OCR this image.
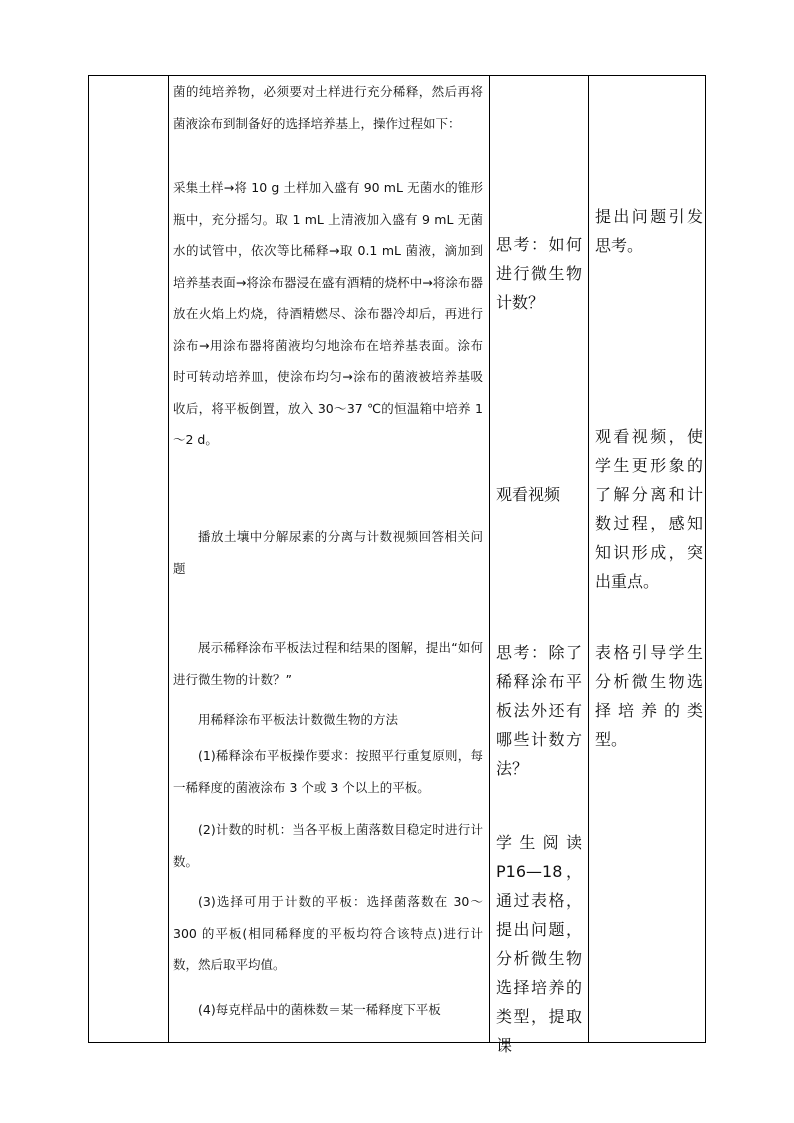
菌的纯培养物，必须要对土样进行充分稀释，然后再将菌液涂布到制备好的选择培养基上，操作过程如下：

采集土样→将 10 g 土样加入盛有 90 mL 无菌水的锥形瓶中，充分摇匀。取 1 mL 上清液加入盛有 9 mL 无菌水的试管中，依次等比稀释→取 0.1 mL 菌液，滴加到培养基表面→将涂布器浸在盛有酒精的烧杯中→将涂布器放在火焰上灼烧，待酒精燃尽、涂布器冷却后，再进行涂布→用涂布器将菌液均匀地涂布在培养基表面。涂布时可转动培养皿，使涂布均匀→涂布的菌液被培养基吸收后，将平板倒置，放入 30～37 ℃的恒温箱中培养 1～2 d。

播放土壤中分解尿素的分离与计数视频回答相关问题

展示稀释涂布平板法过程和结果的图解，提出“如何进行微生物的计数？”

用稀释涂布平板法计数微生物的方法

(1)稀释涂布平板操作要求：按照平行重复原则，每一稀释度的菌液涂布 3 个或 3 个以上的平板。

(2)计数的时机：当各平板上菌落数目稳定时进行计数。

(3)选择可用于计数的平板：选择菌落数在 30～300 的平板(相同稀释度的平板均符合该特点)进行计数，然后取平均值。

(4)每克样品中的菌株数＝某一稀释度下平板

思考：如何进行微生物计数？

观看视频

思考：除了稀释涂布平板法外还有哪些计数方法？

学生阅读P16—18，通过表格，提出问题，分析微生物选择培养的类型，提取课

提出问题引发思考。

观看视频，使学生更形象的了解分离和计数过程，感知知识形成，突出重点。

表格引导学生分析微生物选择培养的类型。
